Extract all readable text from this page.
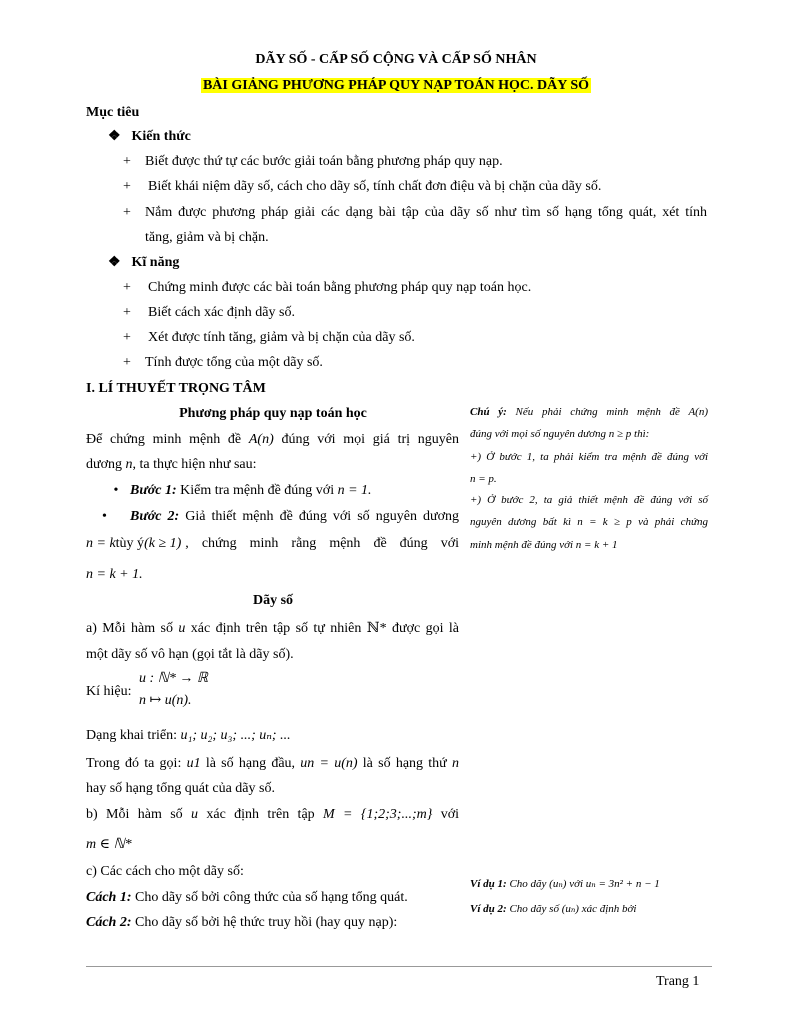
DÃY SỐ - CẤP SỐ CỘNG VÀ CẤP SỐ NHÂN
BÀI GIẢNG PHƯƠNG PHÁP QUY NẠP TOÁN HỌC. DÃY SỐ
Mục tiêu
❖ Kiến thức
+ Biết được thứ tự các bước giải toán bằng phương pháp quy nạp.
+ Biết khái niệm dãy số, cách cho dãy số, tính chất đơn điệu và bị chặn của dãy số.
+ Nắm được phương pháp giải các dạng bài tập của dãy số như tìm số hạng tổng quát, xét tính
tăng, giảm và bị chặn.
❖ Kĩ năng
+ Chứng minh được các bài toán bằng phương pháp quy nạp toán học.
+ Biết cách xác định dãy số.
+ Xét được tính tăng, giảm và bị chặn của dãy số.
+ Tính được tổng của một dãy số.
I. LÍ THUYẾT TRỌNG TÂM
Phương pháp quy nạp toán học
Để chứng minh mệnh đề A(n) đúng với mọi giá trị nguyên
dương n, ta thực hiện như sau:
• Bước 1: Kiểm tra mệnh đề đúng với n = 1.
• Bước 2: Giả thiết mệnh đề đúng với số nguyên dương
n = k tùy ý (k ≥ 1) , chứng minh rằng mệnh đề đúng với
n = k + 1.
Dãy số
a) Mỗi hàm số u xác định trên tập số tự nhiên ℕ* được gọi là
một dãy số vô hạn (gọi tắt là dãy số).
Kí hiệu:
u : ℕ* → ℝ
n ↦ u(n).
Dạng khai triển: u₁; u₂; u₃; ...; uₙ; ...
Trong đó ta gọi: u1 là số hạng đầu, un = u(n) là số hạng thứ n
hay số hạng tổng quát của dãy số.
b) Mỗi hàm số u xác định trên tập M = {1;2;3;...;m} với
m ∈ ℕ*
c) Các cách cho một dãy số:
Cách 1: Cho dãy số bởi công thức của số hạng tổng quát.
Cách 2: Cho dãy số bởi hệ thức truy hồi (hay quy nạp):
Chú ý: Nếu phải chứng minh mệnh đề A(n)
đúng với mọi số nguyên dương n ≥ p thì:
+) Ở bước 1, ta phải kiểm tra mệnh đề đúng với
n = p.
+) Ở bước 2, ta giả thiết mệnh đề đúng với số
nguyên dương bất kì n = k ≥ p và phải chứng
minh mệnh đề đúng với n = k + 1
Ví dụ 1: Cho dãy (uₙ) với uₙ = 3n² + n − 1
Ví dụ 2: Cho dãy số (uₙ) xác định bởi
Trang 1
